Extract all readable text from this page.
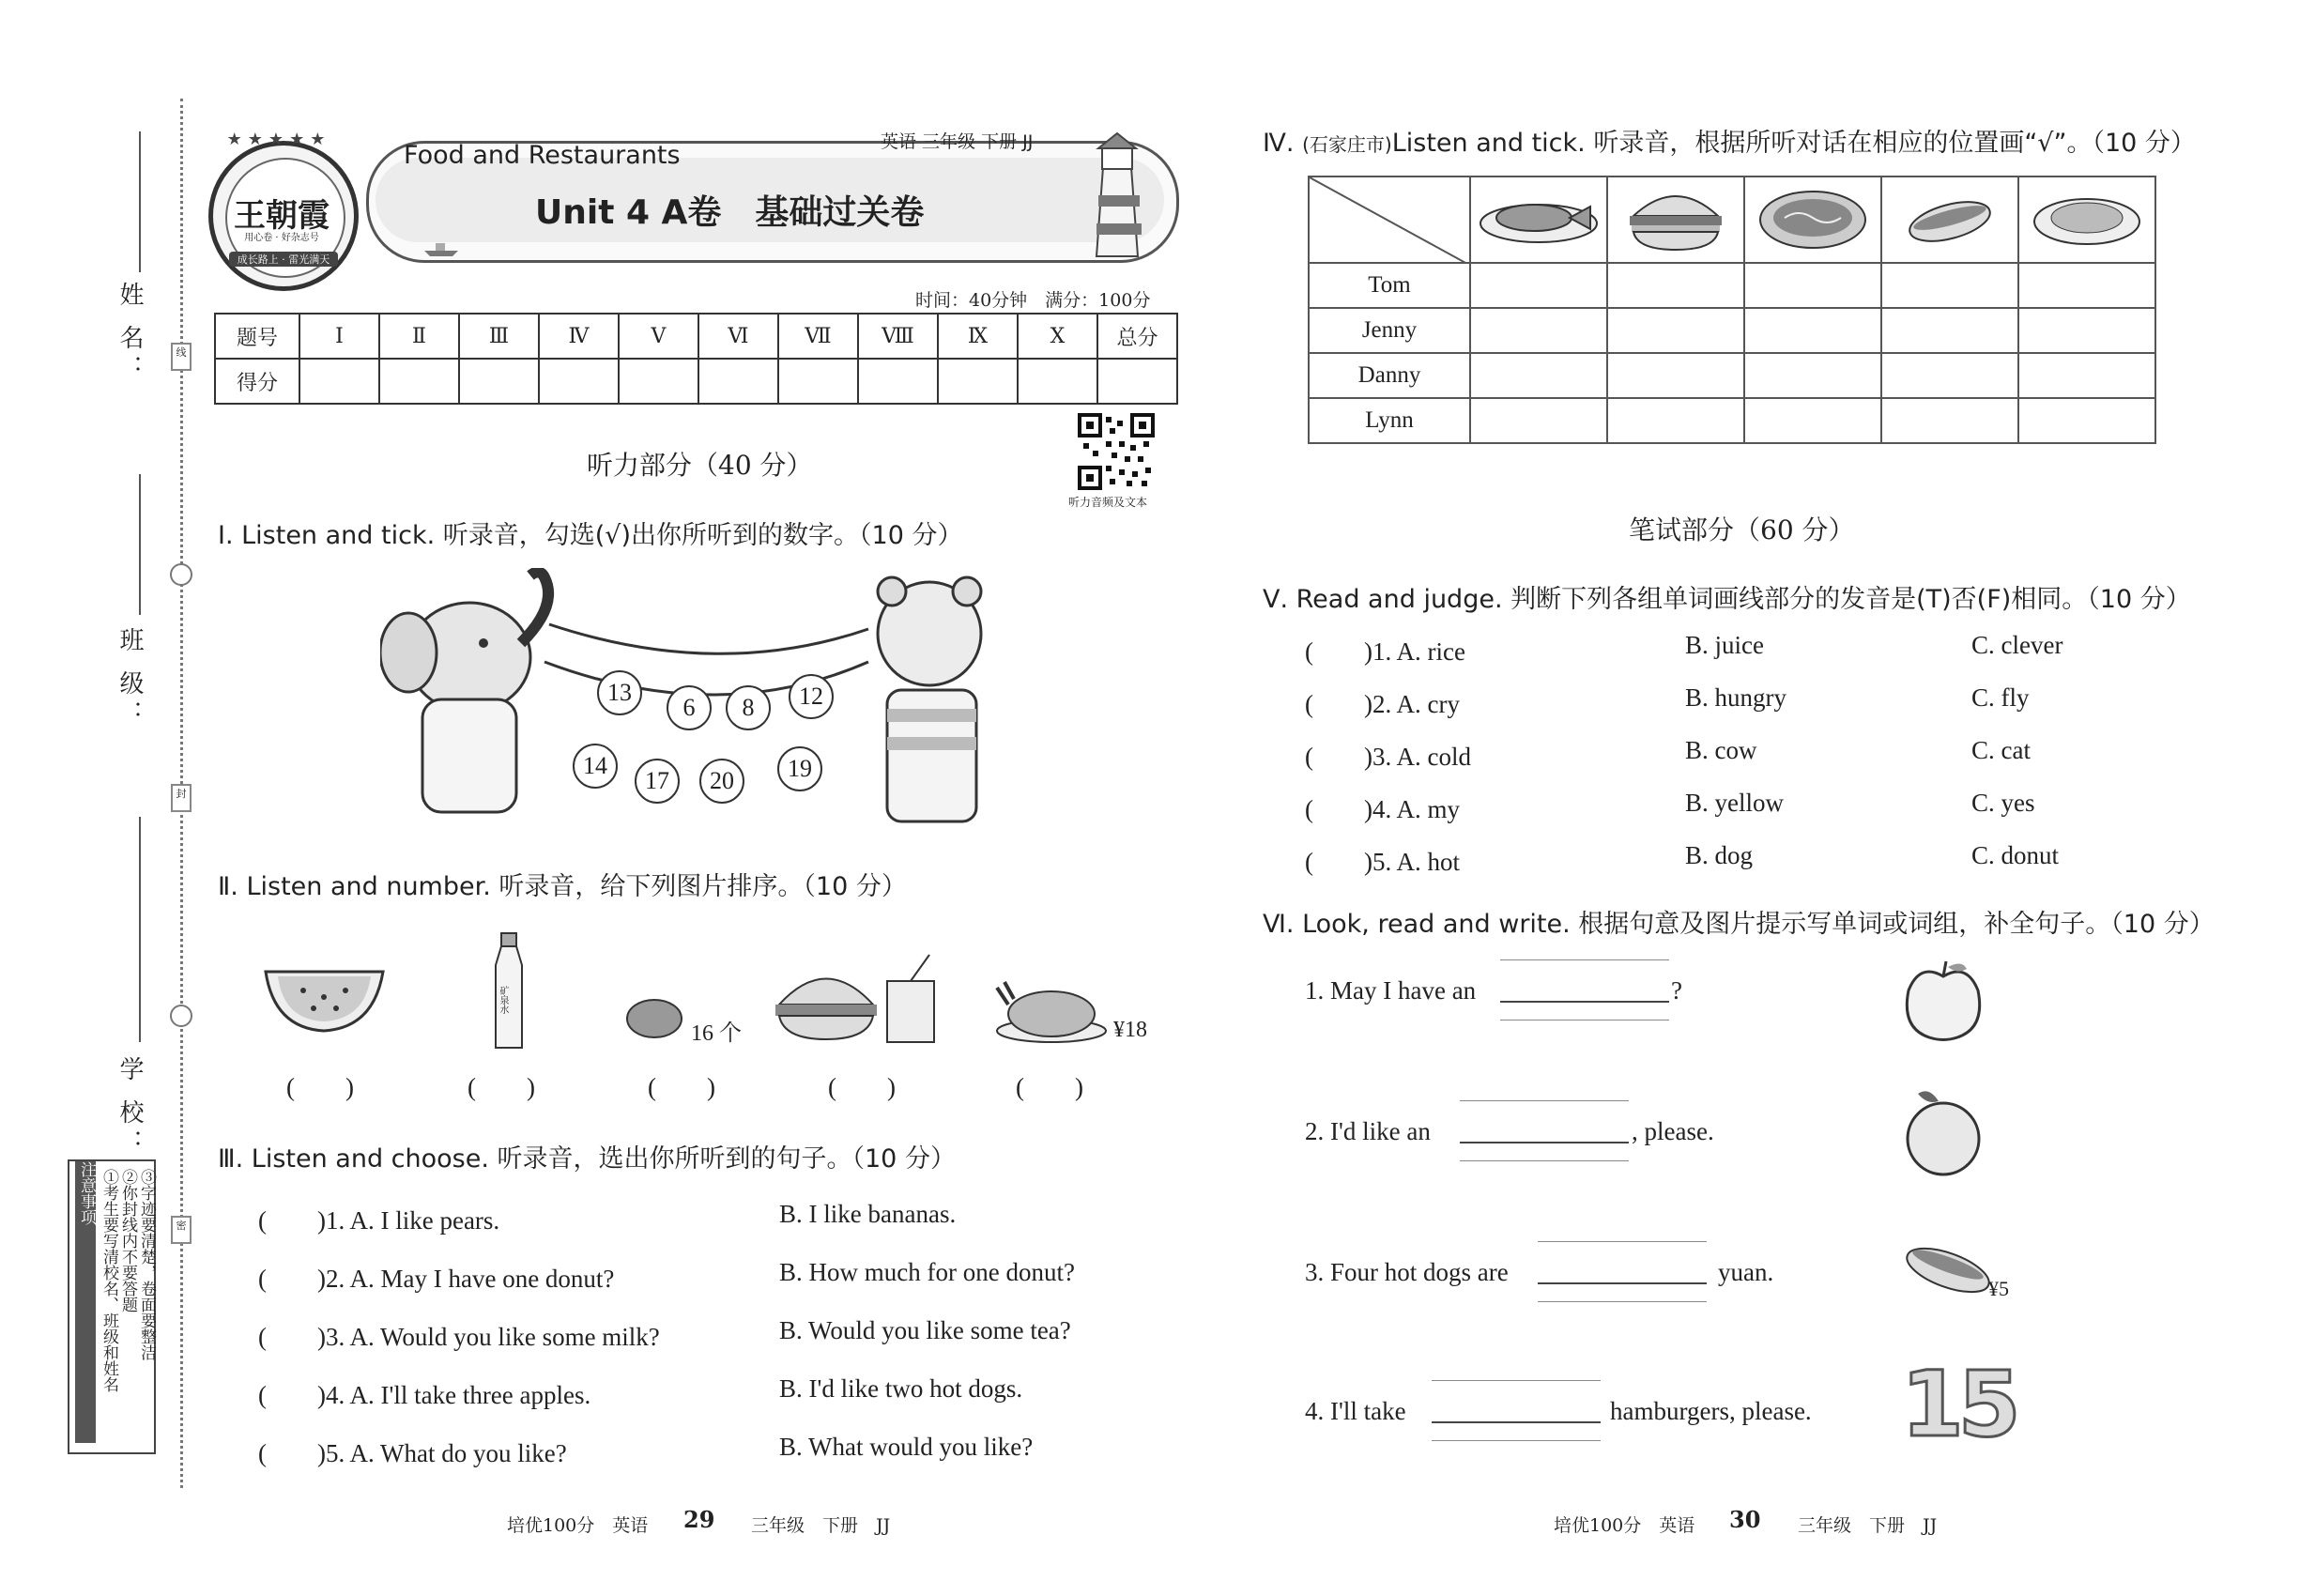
线
封
密
姓 名：
班 级：
学 校：
注意事项 ①考生要写清校名、班级和姓名 ②你封线内不要答题 ③字迹要清楚，卷面要整洁
★★★★★
王朝霞
用心卷 · 好杂志号
成长路上 · 雷光满天
Food and Restaurants	英语 三年级 下册 JJ
Unit 4 A卷　基础过关卷
时间：40分钟　满分：100分
题号	Ⅰ	Ⅱ	Ⅲ	Ⅳ	Ⅴ	Ⅵ	Ⅶ	Ⅷ	Ⅸ	Ⅹ	总分
得分											
听力音频及文本
听力部分（40 分）
Ⅰ. Listen and tick. 听录音，勾选(√)出你所听到的数字。（10 分）
13
6	8	12
14
17	20	19
Ⅱ. Listen and number. 听录音，给下列图片排序。（10 分）
矿泉水
16 个	¥18
(　　)	(　　)	(　　)	(　　)	(　　)
Ⅲ. Listen and choose. 听录音，选出你所听到的句子。（10 分）
(　　)1. A. I like pears.	B. I like bananas.
(　　)2. A. May I have one donut?	B. How much for one donut?
(　　)3. A. Would you like some milk?	B. Would you like some tea?
(　　)4. A. I'll take three apples.	B. I'd like two hot dogs.
(　　)5. A. What do you like?	B. What would you like?
培优100分　英语 29 三年级　下册　JJ
Ⅳ. (石家庄市)Listen and tick. 听录音，根据所听对话在相应的位置画“√”。（10 分）

Tom					
Jenny					
Danny					
Lynn					
笔试部分（60 分）
Ⅴ. Read and judge. 判断下列各组单词画线部分的发音是(T)否(F)相同。（10 分）
(　　)1. A. rice	B. juice	C. clever
(　　)2. A. cry	B. hungry	C. fly
(　　)3. A. cold	B. cow	C. cat
(　　)4. A. my	B. yellow	C. yes
(　　)5. A. hot	B. dog	C. donut
Ⅵ. Look, read and write. 根据句意及图片提示写单词或词组，补全句子。（10 分）
1. May I have an	?
2. I'd like an	, please.
3. Four hot dogs are	yuan.
¥5
4. I'll take	hamburgers, please. 15
培优100分　英语 30 三年级　下册　JJ
